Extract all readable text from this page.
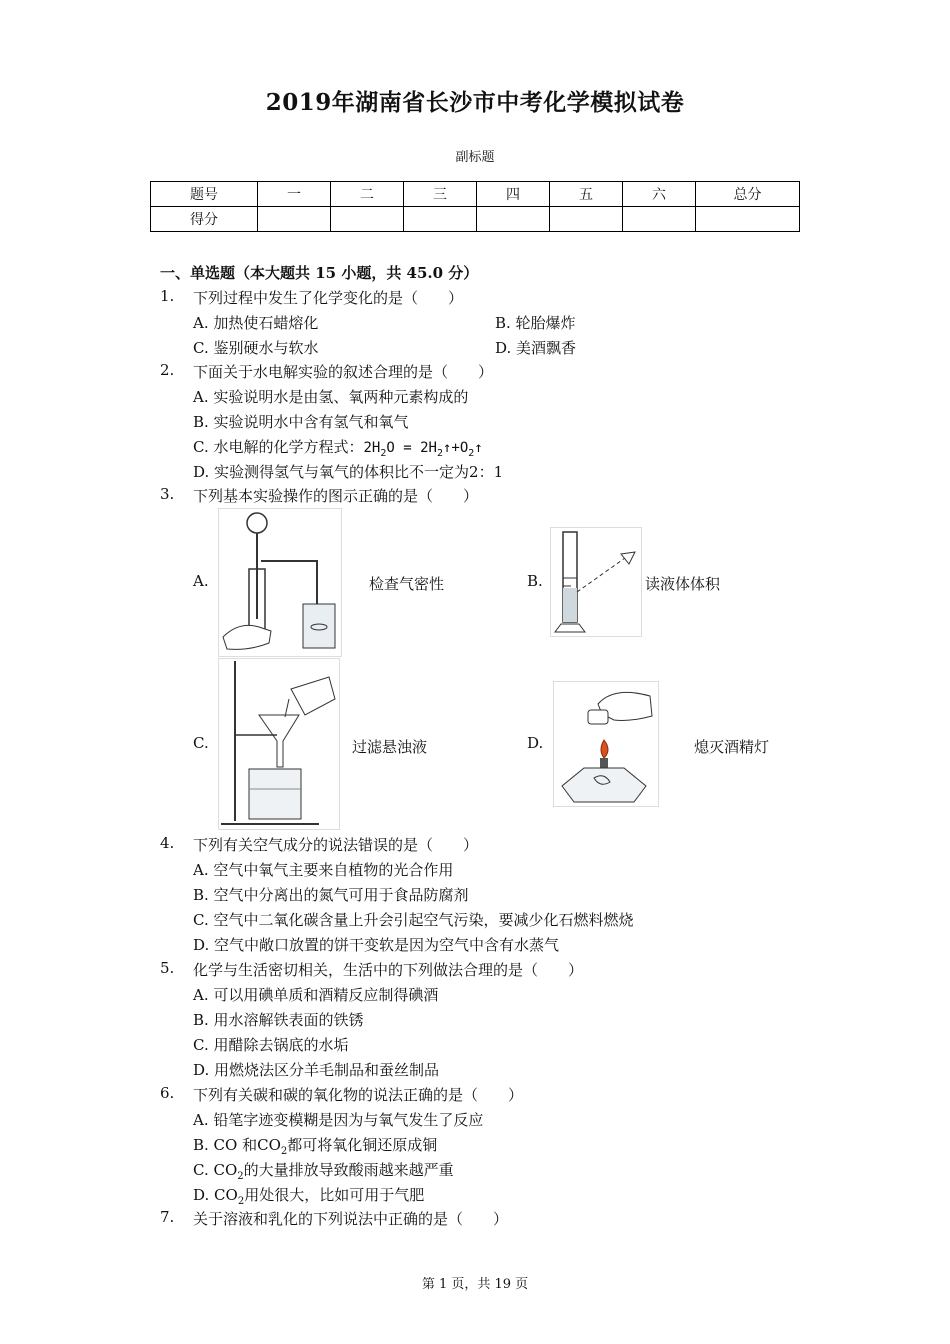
2019年湖南省长沙市中考化学模拟试卷
副标题
题号	一	二	三	四	五	六	总分
得分							
一、单选题（本大题共 15 小题，共 45.0 分）
1. 下列过程中发生了化学变化的是（　　）
A. 加热使石蜡熔化	B. 轮胎爆炸
C. 鉴别硬水与软水	D. 美酒飘香
2. 下面关于水电解实验的叙述合理的是（　　）
A. 实验说明水是由氢、氧两种元素构成的
B. 实验说明水中含有氢气和氧气
C. 水电解的化学方程式：$2H_2O$ = $2H_2↑+O_2↑$
D. 实验测得氢气与氧气的体积比不一定为2：1
3. 下列基本实验操作的图示正确的是（　　）
A.	检查气密性	B.	读液体体积
C.	过滤悬浊液	D.	熄灭酒精灯
4. 下列有关空气成分的说法错误的是（　　）
A. 空气中氧气主要来自植物的光合作用
B. 空气中分离出的氮气可用于食品防腐剂
C. 空气中二氧化碳含量上升会引起空气污染，要减少化石燃料燃烧
D. 空气中敞口放置的饼干变软是因为空气中含有水蒸气
5. 化学与生活密切相关，生活中的下列做法合理的是（　　）
A. 可以用碘单质和酒精反应制得碘酒
B. 用水溶解铁表面的铁锈
C. 用醋除去锅底的水垢
D. 用燃烧法区分羊毛制品和蚕丝制品
6. 下列有关碳和碳的氧化物的说法正确的是（　　）
A. 铅笔字迹变模糊是因为与氧气发生了反应
B. CO 和$CO_2$都可将氧化铜还原成铜
C. $CO_2$的大量排放导致酸雨越来越严重
D. $CO_2$用处很大，比如可用于气肥
7. 关于溶液和乳化的下列说法中正确的是（　　）
第 1 页，共 19 页
